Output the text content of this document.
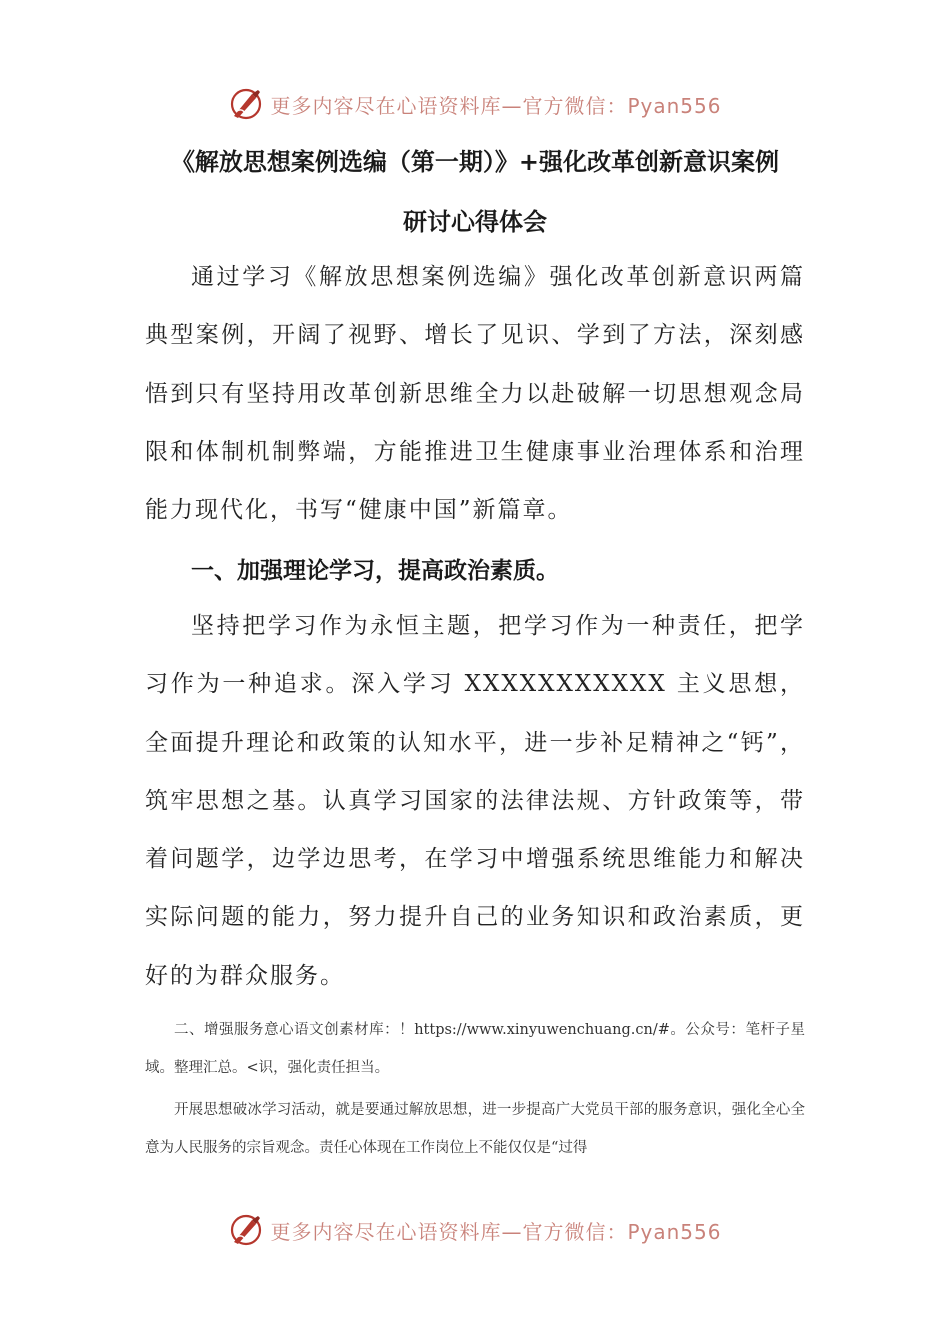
更多内容尽在心语资料库—官方微信：Pyan556
《解放思想案例选编（第一期）》+强化改革创新意识案例
研讨心得体会

通过学习《解放思想案例选编》强化改革创新意识两篇典型案例，开阔了视野、增长了见识、学到了方法，深刻感悟到只有坚持用改革创新思维全力以赴破解一切思想观念局限和体制机制弊端，方能推进卫生健康事业治理体系和治理能力现代化，书写“健康中国”新篇章。

一、加强理论学习，提高政治素质。

坚持把学习作为永恒主题，把学习作为一种责任，把学习作为一种追求。深入学习 XXXXXXXXXXX 主义思想，全面提升理论和政策的认知水平，进一步补足精神之“钙”，筑牢思想之基。认真学习国家的法律法规、方针政策等，带着问题学，边学边思考，在学习中增强系统思维能力和解决实际问题的能力，努力提升自己的业务知识和政治素质，更好的为群众服务。

二、增强服务意心语文创素材库：！https://www.xinyuwenchuang.cn/#。公众号：笔杆子星域。整理汇总。<识，强化责任担当。

开展思想破冰学习活动，就是要通过解放思想，进一步提高广大党员干部的服务意识，强化全心全意为人民服务的宗旨观念。责任心体现在工作岗位上不能仅仅是“过得

更多内容尽在心语资料库—官方微信：Pyan556
